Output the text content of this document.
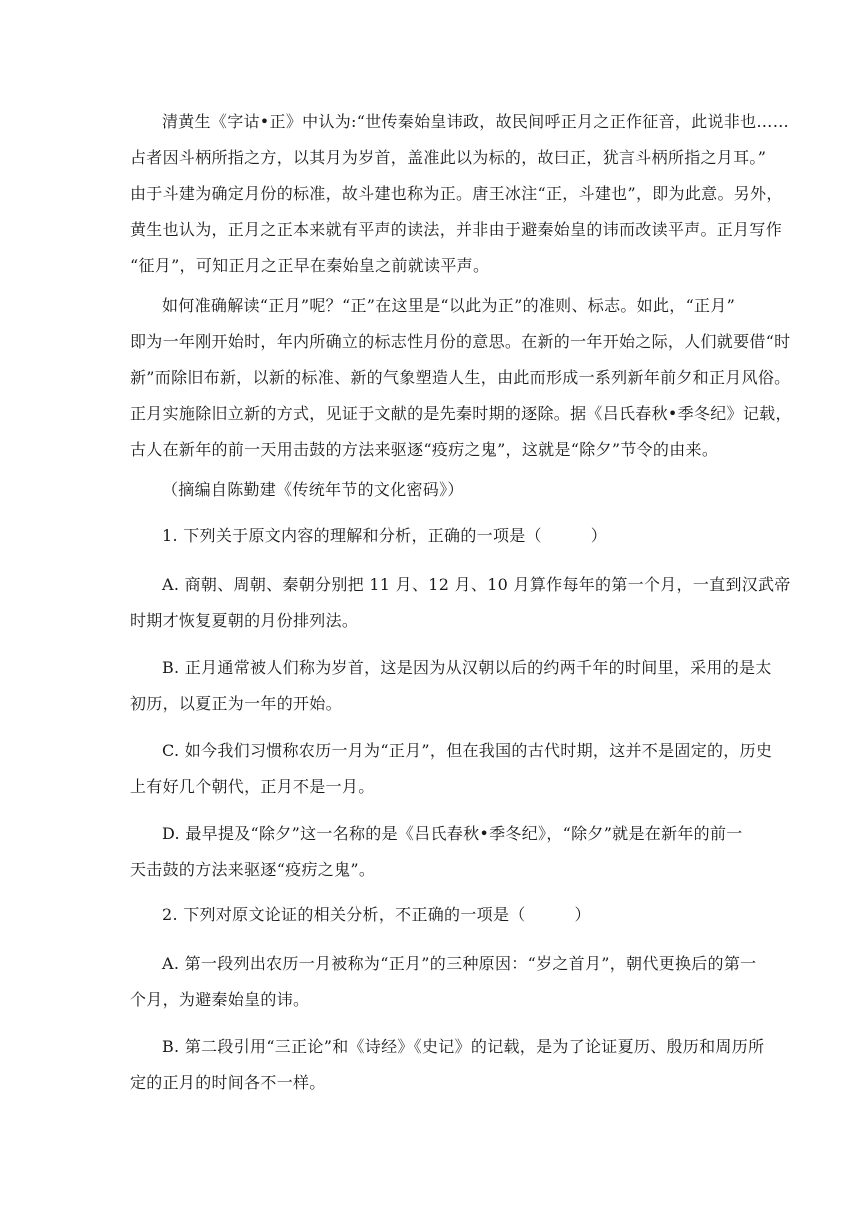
清黄生《字诂•正》中认为:“世传秦始皇讳政，故民间呼正月之正作征音，此说非也……
占者因斗柄所指之方，以其月为岁首，盖准此以为标的，故曰正，犹言斗柄所指之月耳。”
由于斗建为确定月份的标准，故斗建也称为正。唐王冰注“正，斗建也”，即为此意。另外，
黄生也认为，正月之正本来就有平声的读法，并非由于避秦始皇的讳而改读平声。正月写作
“征月”，可知正月之正早在秦始皇之前就读平声。
如何准确解读“正月”呢？“正”在这里是“以此为正”的准则、标志。如此，“正月”
即为一年刚开始时，年内所确立的标志性月份的意思。在新的一年开始之际，人们就要借“时
新”而除旧布新，以新的标准、新的气象塑造人生，由此而形成一系列新年前夕和正月风俗。
正月实施除旧立新的方式，见证于文献的是先秦时期的逐除。据《吕氏春秋•季冬纪》记载，
古人在新年的前一天用击鼓的方法来驱逐“疫疠之鬼”，这就是“除夕”节令的由来。
（摘编自陈勤建《传统年节的文化密码》）
1. 下列关于原文内容的理解和分析，正确的一项是（　　　）
A. 商朝、周朝、秦朝分别把 11 月、12 月、10 月算作每年的第一个月，一直到汉武帝
时期才恢复夏朝的月份排列法。
B. 正月通常被人们称为岁首，这是因为从汉朝以后的约两千年的时间里，采用的是太
初历，以夏正为一年的开始。
C. 如今我们习惯称农历一月为“正月”，但在我国的古代时期，这并不是固定的，历史
上有好几个朝代，正月不是一月。
D. 最早提及“除夕”这一名称的是《吕氏春秋•季冬纪》，“除夕”就是在新年的前一
天击鼓的方法来驱逐“疫疠之鬼”。
2. 下列对原文论证的相关分析，不正确的一项是（　　　）
A. 第一段列出农历一月被称为“正月”的三种原因：“岁之首月”，朝代更换后的第一
个月，为避秦始皇的讳。
B. 第二段引用“三正论”和《诗经》《史记》的记载，是为了论证夏历、殷历和周历所
定的正月的时间各不一样。
